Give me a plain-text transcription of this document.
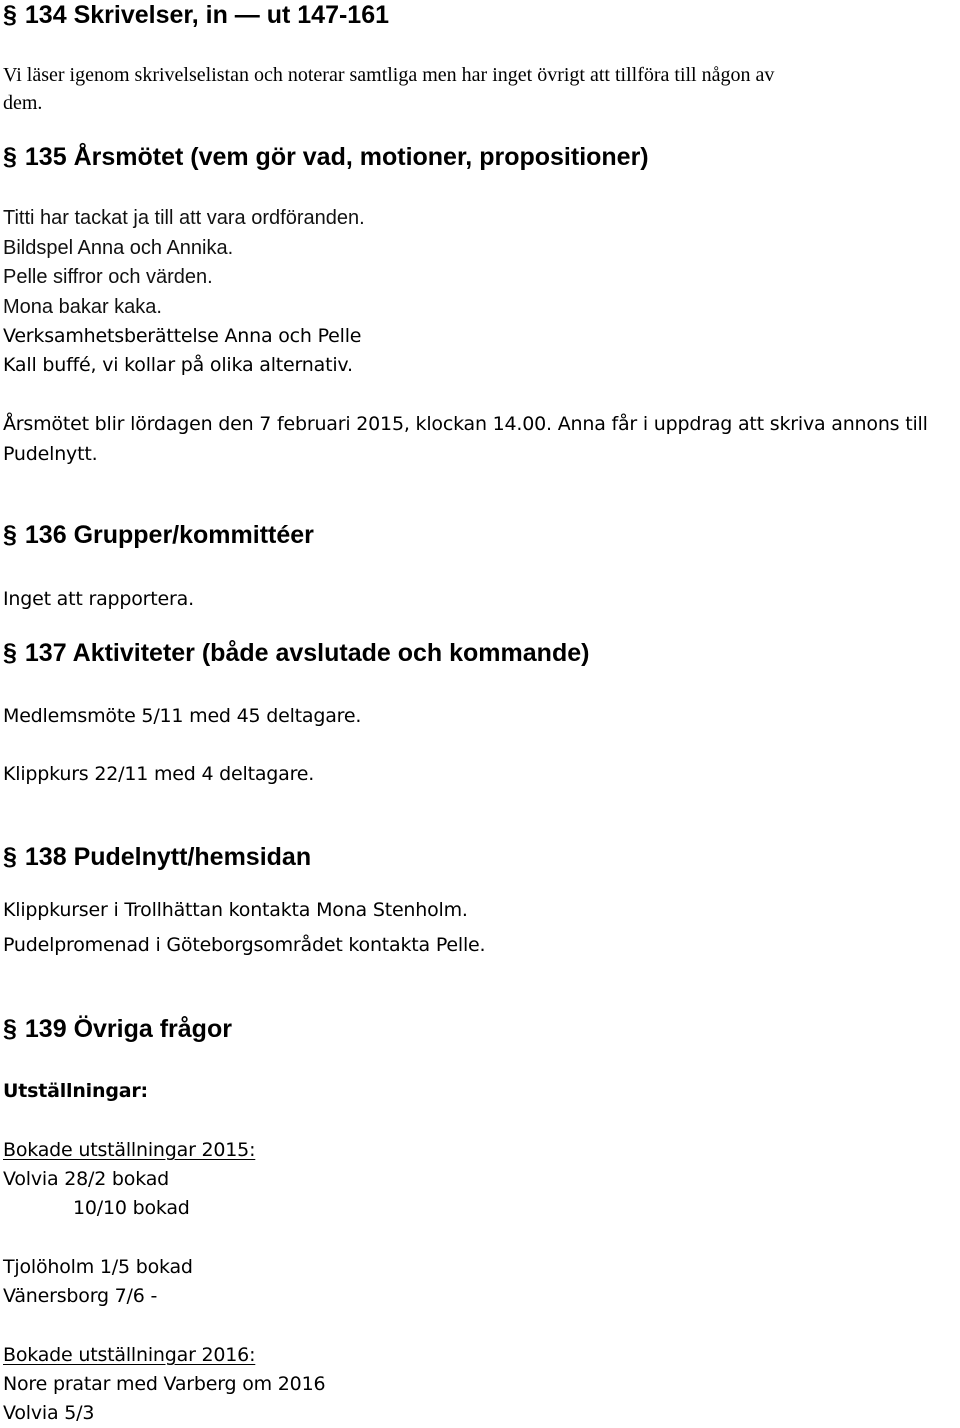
§ 134 Skrivelser, in — ut 147-161
Vi läser igenom skrivelselistan och noterar samtliga men har inget övrigt att tillföra till någon av
dem.
§ 135 Årsmötet (vem gör vad, motioner, propositioner)
Titti har tackat ja till att vara ordföranden.
Bildspel Anna och Annika.
Pelle siffror och värden.
Mona bakar kaka.
Verksamhetsberättelse Anna och Pelle
Kall buffé, vi kollar på olika alternativ.
Årsmötet blir lördagen den 7 februari 2015, klockan 14.00. Anna får i uppdrag att skriva annons till
Pudelnytt.
§ 136 Grupper/kommittéer
Inget att rapportera.
§ 137 Aktiviteter (både avslutade och kommande)
Medlemsmöte 5/11 med 45 deltagare.
Klippkurs 22/11 med 4 deltagare.
§ 138 Pudelnytt/hemsidan
Klippkurser i Trollhättan kontakta Mona Stenholm.
Pudelpromenad i Göteborgsområdet kontakta Pelle.
§ 139 Övriga frågor
Utställningar:
Bokade utställningar 2015:
Volvia 28/2 bokad
10/10 bokad
Tjolöholm 1/5 bokad
Vänersborg 7/6 -
Bokade utställningar 2016:
Nore pratar med Varberg om 2016
Volvia 5/3
